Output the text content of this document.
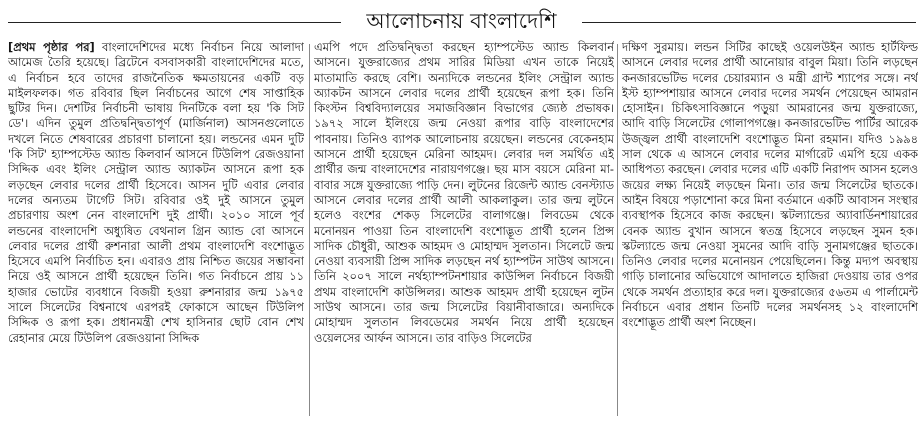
আলোচনায় বাংলাদেশি

[প্রথম পৃষ্ঠার পর] বাংলাদেশিদের মধ্যে নির্বাচন নিয়ে আলাদা আমেজ তৈরি হয়েছে। ব্রিটেনে বসবাসকারী বাংলাদেশিদের মতে, এ নির্বাচন হবে তাদের রাজনৈতিক ক্ষমতায়নের একটি বড় মাইলফলক। গত রবিবার ছিল নির্বাচনের আগে শেষ সাপ্তাহিক ছুটির দিন। দেশটির নির্বাচনী ভাষায় দিনটিকে বলা হয় 'কি সিট ডে'। এদিন তুমুল প্রতিদ্বন্দ্বিতাপূর্ণ (মার্জিনাল) আসনগুলোতে দখলে নিতে শেষবারের প্রচারণা চালানো হয়। লন্ডনের এমন দুটি 'কি সিট' হ্যাম্পস্টেড অ্যান্ড কিলবার্ন আসনে টিউলিপ রেজওয়ানা সিদ্দিক এবং ইলিং সেন্ট্রাল অ্যান্ড অ্যাকটন আসনে রূপা হক লড়ছেন লেবার দলের প্রার্থী হিসেবে। আসন দুটি এবার লেবার দলের অন্যতম টার্গেট সিট। রবিবার ওই দুই আসনে তুমুল প্রচারণায় অংশ নেন বাংলাদেশি দুই প্রার্থী। ২০১০ সালে পূর্ব লন্ডনের বাংলাদেশি অধ্যুষিত বেথনাল গ্রিন অ্যান্ড বো আসনে লেবার দলের প্রার্থী রুশনারা আলী প্রথম বাংলাদেশি বংশোদ্ভূত হিসেবে এমপি নির্বাচিত হন। এবারও প্রায় নিশ্চিত জয়ের সম্ভাবনা নিয়ে ওই আসনে প্রার্থী হয়েছেন তিনি। গত নির্বাচনে প্রায় ১১ হাজার ভোটের ব্যবধানে বিজয়ী হওয়া রুশনারার জন্ম ১৯৭৫ সালে সিলেটের বিশ্বনাথে এরপরই ফোকাসে আছেন টিউলিপ সিদ্দিক ও রূপা হক। প্রধানমন্ত্রী শেখ হাসিনার ছোট বোন শেখ রেহানার মেয়ে টিউলিপ রেজওয়ানা সিদ্দিক

এমপি পদে প্রতিদ্বন্দ্বিতা করছেন হ্যাম্পস্টেড অ্যান্ড কিলবার্ন আসনে। যুক্তরাজ্যের প্রথম সারির মিডিয়া এখন তাকে নিয়েই মাতামাতি করছে বেশি। অন্যদিকে লন্ডনের ইলিং সেন্ট্রাল অ্যান্ড অ্যাকটন আসনে লেবার দলের প্রার্থী হয়েছেন রূপা হক। তিনি কিংস্টন বিশ্ববিদ্যালয়ের সমাজবিজ্ঞান বিভাগের জ্যেষ্ঠ প্রভাষক। ১৯৭২ সালে ইলিংয়ে জন্ম নেওয়া রূপার বাড়ি বাংলাদেশের পাবনায়। তিনিও ব্যাপক আলোচনায় রয়েছেন। লন্ডনের বেকেনহাম আসনে প্রার্থী হয়েছেন মেরিনা আহমদ। লেবার দল সমর্থিত এই প্রার্থীর জন্ম বাংলাদেশের নারায়ণগঞ্জে। ছয় মাস বয়সে মেরিনা মা-বাবার সঙ্গে যুক্তরাজ্যে পাড়ি দেন। লুটনের রিজেন্ট অ্যান্ড বেনস্ট্যাড আসনে লেবার দলের প্রার্থী আলী আকলাকুল। তার জন্ম লুটনে হলেও বংশের শেকড় সিলেটের বালাগঞ্জে। লিবডেম থেকে মনোনয়ন পাওয়া তিন বাংলাদেশি বংশোদ্ভূত প্রার্থী হলেন প্রিন্স সাদিক চৌধুরী, আশুক আহমদ ও মোহাম্মদ সুলতান। সিলেটে জন্ম নেওয়া ব্যবসায়ী প্রিন্স সাদিক লড়ছেন নর্থ হ্যাম্পটন সাউথ আসনে। তিনি ২০০৭ সালে নর্থহ্যাম্পটনশায়ার কাউন্সিল নির্বাচনে বিজয়ী প্রথম বাংলাদেশি কাউন্সিলর। আশুক আহমদ প্রার্থী হয়েছেন লুটন সাউথ আসনে। তার জন্ম সিলেটের বিয়ানীবাজারে। অন্যদিকে মোহাম্মদ সুলতান লিবডেমের সমর্থন নিয়ে প্রার্থী হয়েছেন ওয়েলসের আর্ফন আসনে। তার বাড়িও সিলেটের

দক্ষিণ সুরমায়। লন্ডন সিটির কাছেই ওয়েলউইন অ্যান্ড হার্টফিল্ড আসনে লেবার দলের প্রার্থী আনোয়ার বাবুল মিয়া। তিনি লড়ছেন কনজারভেটিভ দলের চেয়ারম্যান ও মন্ত্রী গ্রান্ট শ্যাপের সঙ্গে। নর্থ ইস্ট হ্যাম্পশায়ার আসনে লেবার দলের সমর্থন পেয়েছেন আমরান হোসাইন। চিকিৎসাবিজ্ঞানে পড়ুয়া আমরানের জন্ম যুক্তরাজ্যে, আদি বাড়ি সিলেটের গোলাপগঞ্জে। কনজারভেটিভ পার্টির আরেক উজ্জ্বল প্রার্থী বাংলাদেশি বংশোদ্ভূত মিনা রহমান। যদিও ১৯৯৪ সাল থেকে এ আসনে লেবার দলের মার্গারেট এমপি হয়ে একক আধিপত্য করছেন। লেবার দলের এটি একটি নিরাপদ আসন হলেও জয়ের লক্ষ্য নিয়েই লড়ছেন মিনা। তার জন্ম সিলেটের ছাতকে। আইন বিষয়ে পড়াশোনা করে মিনা বর্তমানে একটি আবাসন সংস্থার ব্যবস্থাপক হিসেবে কাজ করছেন। স্কটল্যান্ডের অ্যাবার্ডিনশায়ারের বেনক অ্যান্ড বুখান আসনে স্বতন্ত্র হিসেবে লড়ছেন সুমন হক। স্কটল্যান্ডে জন্ম নেওয়া সুমনের আদি বাড়ি সুনামগঞ্জের ছাতকে। তিনিও লেবার দলের মনোনয়ন পেয়েছিলেন। কিন্তু মদ্যপ অবস্থায় গাড়ি চালানোর অভিযোগে আদালতে হাজিরা দেওয়ায় তার ওপর থেকে সমর্থন প্রত্যাহার করে দল। যুক্তরাজ্যের ৫৬তম এ পার্লামেন্ট নির্বাচনে এবার প্রধান তিনটি দলের সমর্থনসহ ১২ বাংলাদেশি বংশোদ্ভূত প্রার্থী অংশ নিচ্ছেন।
